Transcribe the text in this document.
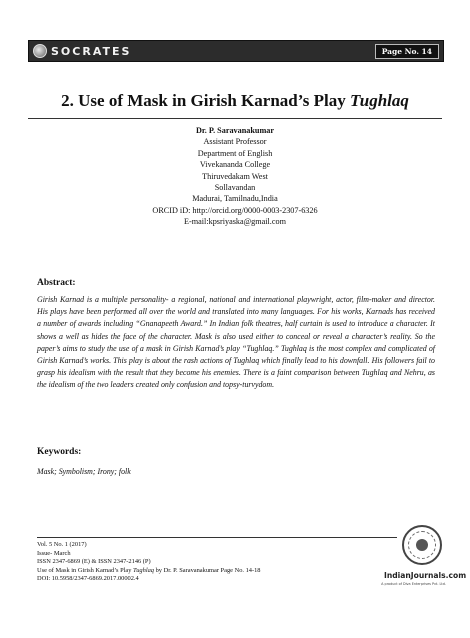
SOCRATES	Page No. 14
2. Use of Mask in Girish Karnad’s Play Tughlaq
Dr. P. Saravanakumar
Assistant Professor
Department of English
Vivekananda College
Thiruvedakam West
Sollavandan
Madurai, Tamilnadu,India
ORCID iD: http://orcid.org/0000-0003-2307-6326
E-mail:kpsriyaska@gmail.com
Abstract:

Girish Karnad is a multiple personality- a regional, national and international playwright, actor, film-maker and director. His plays have been performed all over the world and translated into many languages. For his works, Karnads has received a number of awards including “Gnanapeeth Award.” In Indian folk theatres, half curtain is used to introduce a character. It shows a well as hides the face of the character. Mask is also used either to conceal or reveal a character’s reality. So the paper’s aims to study the use of a mask in Girish Karnad’s play “Tughlaq.” Tughlaq is the most complex and complicated of Girish Karnad’s works. This play is about the rash actions of Tughlaq which finally lead to his downfall. His followers fail to grasp his idealism with the result that they become his enemies. There is a faint comparison between Tughlaq and Nehru, as the idealism of the two leaders created only confusion and topsy-turvydom.

Keywords:

Mask; Symbolism; Irony; folk

Vol. 5 No. 1 (2017)
Issue- March
ISSN 2347-6869 (E) & ISSN 2347-2146 (P)
Use of Mask in Girish Karnad’s Play Tughlaq by Dr. P. Saravanakumar Page No. 14-18
DOI: 10.5958/2347-6869.2017.00002.4	IndianJournals.com
A product of Diva Enterprises Pvt. Ltd.
